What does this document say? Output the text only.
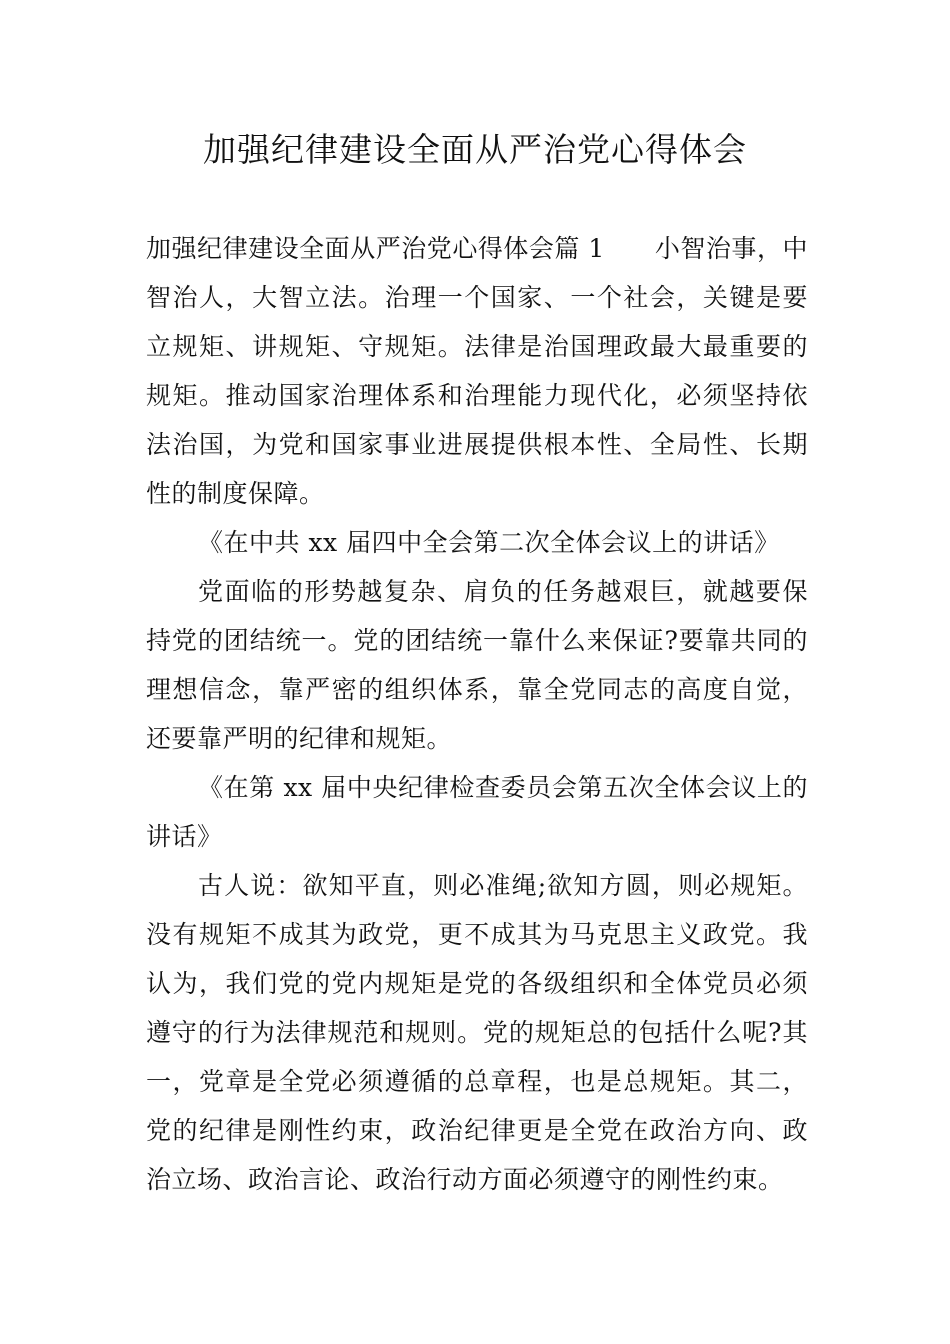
加强纪律建设全面从严治党心得体会

加强纪律建设全面从严治党心得体会篇 1 小智治事，中智治人，大智立法。治理一个国家、一个社会，关键是要立规矩、讲规矩、守规矩。法律是治国理政最大最重要的规矩。推动国家治理体系和治理能力现代化，必须坚持依法治国，为党和国家事业进展提供根本性、全局性、长期性的制度保障。

《在中共 xx 届四中全会第二次全体会议上的讲话》

党面临的形势越复杂、肩负的任务越艰巨，就越要保持党的团结统一。党的团结统一靠什么来保证?要靠共同的理想信念，靠严密的组织体系，靠全党同志的高度自觉，还要靠严明的纪律和规矩。

《在第 xx 届中央纪律检查委员会第五次全体会议上的讲话》

古人说：欲知平直，则必准绳;欲知方圆，则必规矩。没有规矩不成其为政党，更不成其为马克思主义政党。我认为，我们党的党内规矩是党的各级组织和全体党员必须遵守的行为法律规范和规则。党的规矩总的包括什么呢?其一，党章是全党必须遵循的总章程，也是总规矩。其二，党的纪律是刚性约束，政治纪律更是全党在政治方向、政治立场、政治言论、政治行动方面必须遵守的刚性约束。
